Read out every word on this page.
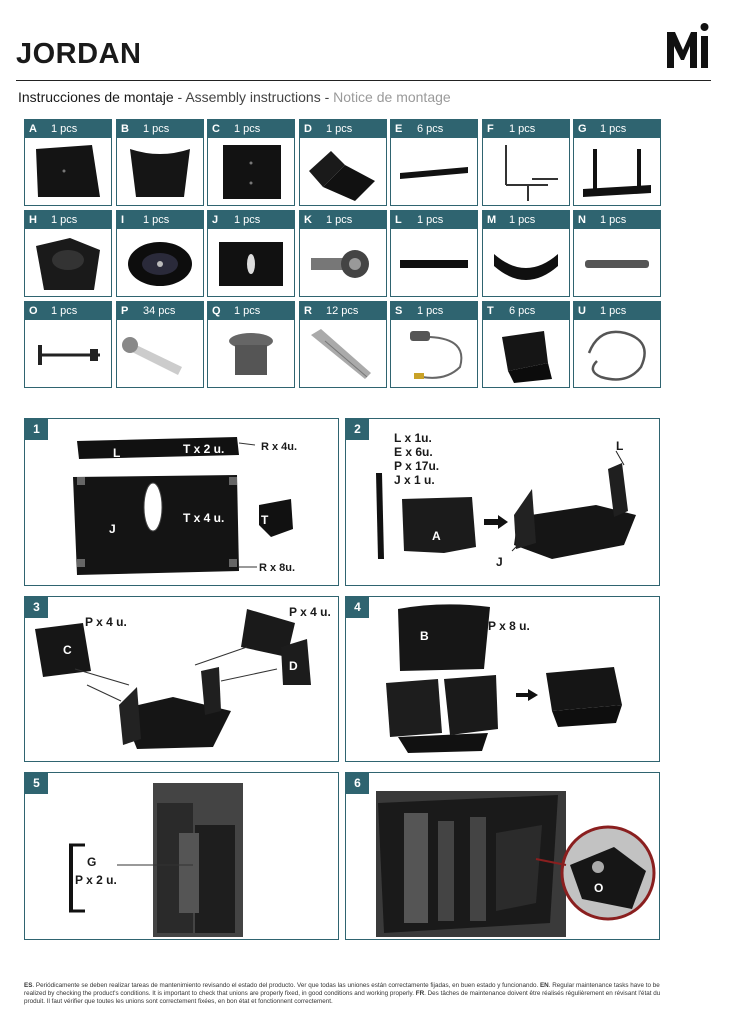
JORDAN
Instrucciones de montaje - Assembly instructions - Notice de montage
A 1 pcs	B 1 pcs	C 1 pcs	D 1 pcs	E 6 pcs	F 1 pcs	G 1 pcs
H 1 pcs	I 1 pcs	J 1 pcs	K 1 pcs	L 1 pcs	M 1 pcs	N 1 pcs
O 1 pcs	P 34 pcs	Q 1 pcs	R 12 pcs	S 1 pcs	T 6 pcs	U 1 pcs
1
L	T x 2 u.	R x 4u.
J
T x 4 u.	T
R x 8u.
2
L x 1u.
E x 6u.
P x 17u.
J x 1 u.
A
J
L
3
P x 4 u.
C
P x 4 u.
D
4
B
P x 8 u.
5
G
P x 2 u.
6
O
ES. Periódicamente se deben realizar tareas de mantenimiento revisando el estado del producto. Ver que todas las uniones están correctamente fijadas, en buen estado y funcionando. EN. Regular maintenance tasks have to be realized by checking the product's conditions. It is important to check that unions are properly fixed, in good conditions and working properly. FR. Des tâches de maintenance doivent être réalisés régulièrement en révisant l'état du produit. Il faut vérifier que toutes les unions sont correctement fixées, en bon état et fonctionnent correctement.
